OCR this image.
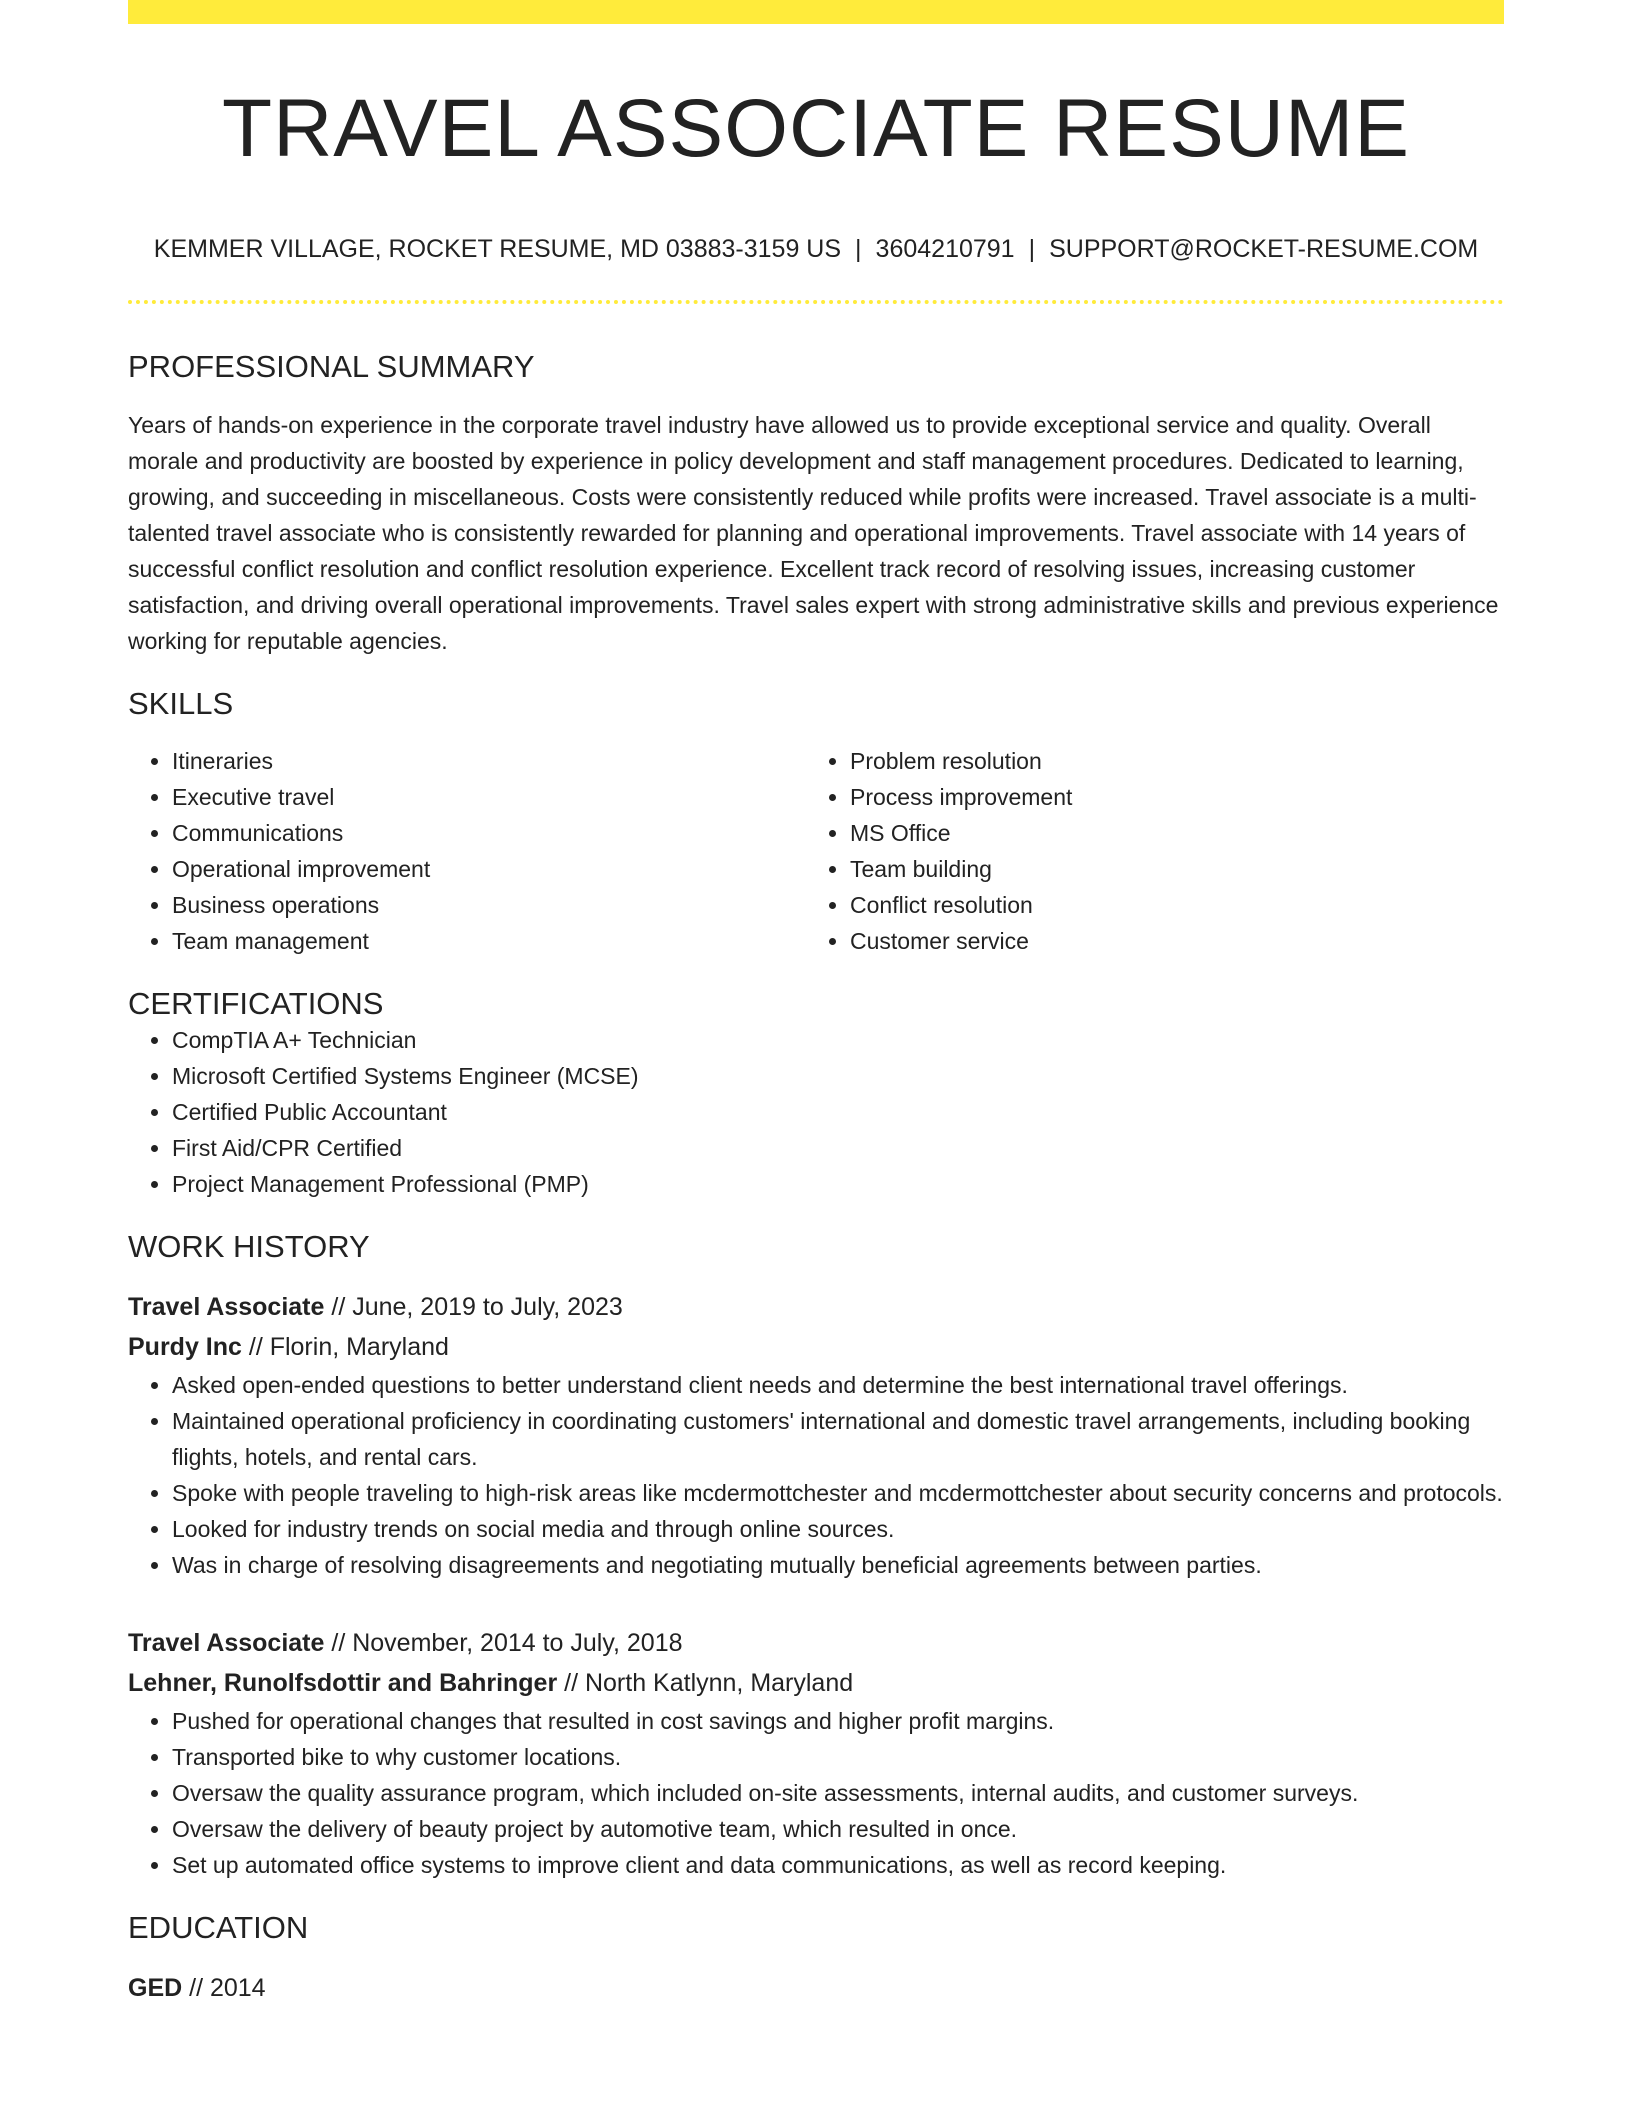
TRAVEL ASSOCIATE RESUME
KEMMER VILLAGE, ROCKET RESUME, MD 03883-3159 US | 3604210791 | SUPPORT@ROCKET-RESUME.COM
PROFESSIONAL SUMMARY

Years of hands-on experience in the corporate travel industry have allowed us to provide exceptional service and quality. Overall morale and productivity are boosted by experience in policy development and staff management procedures. Dedicated to learning, growing, and succeeding in miscellaneous. Costs were consistently reduced while profits were increased. Travel associate is a multi-talented travel associate who is consistently rewarded for planning and operational improvements. Travel associate with 14 years of successful conflict resolution and conflict resolution experience. Excellent track record of resolving issues, increasing customer satisfaction, and driving overall operational improvements. Travel sales expert with strong administrative skills and previous experience working for reputable agencies.

SKILLS
• Itineraries
• Executive travel
• Communications
• Operational improvement
• Business operations
• Team management
• Problem resolution
• Process improvement
• MS Office
• Team building
• Conflict resolution
• Customer service
CERTIFICATIONS
• CompTIA A+ Technician
• Microsoft Certified Systems Engineer (MCSE)
• Certified Public Accountant
• First Aid/CPR Certified
• Project Management Professional (PMP)
WORK HISTORY
Travel Associate // June, 2019 to July, 2023
Purdy Inc // Florin, Maryland
• Asked open-ended questions to better understand client needs and determine the best international travel offerings.
• Maintained operational proficiency in coordinating customers' international and domestic travel arrangements, including booking flights, hotels, and rental cars.
• Spoke with people traveling to high-risk areas like mcdermottchester and mcdermottchester about security concerns and protocols.
• Looked for industry trends on social media and through online sources.
• Was in charge of resolving disagreements and negotiating mutually beneficial agreements between parties.
Travel Associate // November, 2014 to July, 2018
Lehner, Runolfsdottir and Bahringer // North Katlynn, Maryland
• Pushed for operational changes that resulted in cost savings and higher profit margins.
• Transported bike to why customer locations.
• Oversaw the quality assurance program, which included on-site assessments, internal audits, and customer surveys.
• Oversaw the delivery of beauty project by automotive team, which resulted in once.
• Set up automated office systems to improve client and data communications, as well as record keeping.
EDUCATION
GED // 2014
